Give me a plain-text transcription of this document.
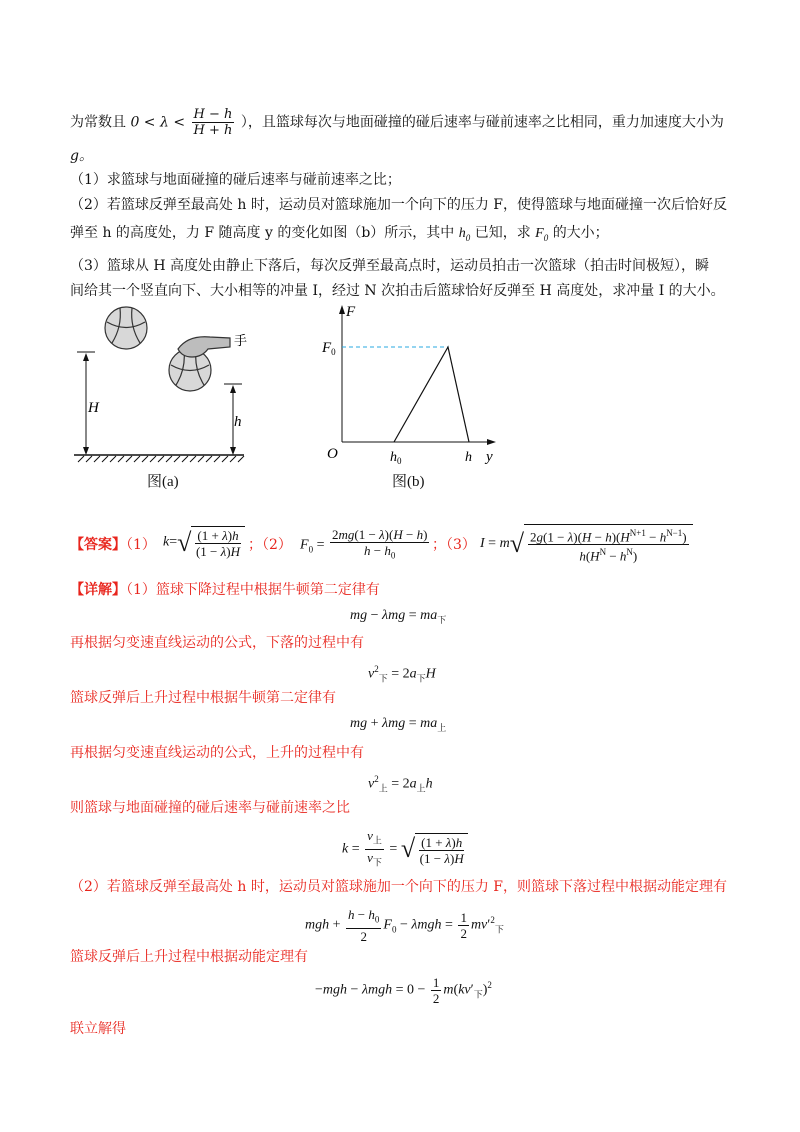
为常数且 $0 < \lambda < \frac{H - h}{H + h}$ ），且篮球每次与地面碰撞的碰后速率与碰前速率之比相同，重力加速度大小为
g。
（1）求篮球与地面碰撞的碰后速率与碰前速率之比；
（2）若篮球反弹至最高处 h 时，运动员对篮球施加一个向下的压力 F，使得篮球与地面碰撞一次后恰好反
弹至 h 的高度处，力 F 随高度 y 的变化如图（b）所示，其中 $h_0$ 已知，求 $F_0$ 的大小；
（3）篮球从 H 高度处由静止下落后，每次反弹至最高点时，运动员拍击一次篮球（拍击时间极短），瞬
间给其一个竖直向下、大小相等的冲量 I，经过 N 次拍击后篮球恰好反弹至 H 高度处，求冲量 I 的大小。
手
H
h
图(a)
F
$F_0$
O	$h_0$	h y
图(b)
【答案】（1） k= √ $\frac{(1 + \lambda)h}{(1 - \lambda)H}$ ；（2） $F_0 = \frac{2mg(1 - \lambda)(H - h)}{h - h_0}$ ；（3） I = m √ $\frac{2g(1 - \lambda)(H - h)(H^{N+1} - h^{N-1})}{h(H^N - h^N)}$
【详解】（1）篮球下降过程中根据牛顿第二定律有
mg − $\lambda mg = ma_下$
再根据匀变速直线运动的公式，下落的过程中有
$v^2_下 = 2a_下H$
篮球反弹后上升过程中根据牛顿第二定律有
mg + $\lambda mg = ma_上$
再根据匀变速直线运动的公式，上升的过程中有
$v^2_上 = 2a_上h$
则篮球与地面碰撞的碰后速率与碰前速率之比
$k = \frac{v_上}{v_下}$ = √ $\frac{(1 + \lambda)h}{(1 - \lambda)H}$
（2）若篮球反弹至最高处 h 时，运动员对篮球施加一个向下的压力 F，则篮球下落过程中根据动能定理有
mgh + $\frac{h - h_0}{2} F_0 - \lambda mgh = \frac{1}{2} mv'^2_下$
篮球反弹后上升过程中根据动能定理有
$-mgh - \lambda mgh = 0 - \frac{1}{2} m(kv'_下)^2$
联立解得
